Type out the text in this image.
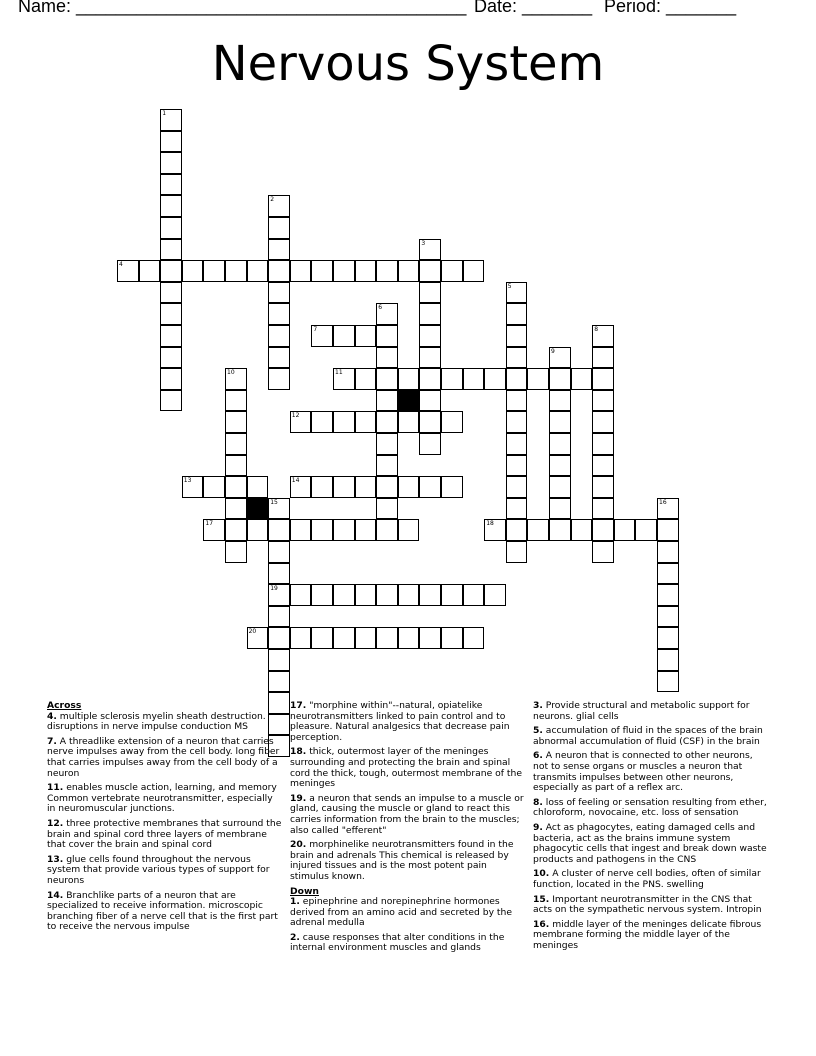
Name: _______________________________________ Date: _______ Period: _______
Nervous System
1
2
3
5
6
8
9
10
16
15
19
4
7
11
12
13	14
17	18
20
Across
4. multiple sclerosis myelin sheath destruction. disruptions in nerve impulse conduction MS
7. A threadlike extension of a neuron that carries nerve impulses away from the cell body. long fiber that carries impulses away from the cell body of a neuron
11. enables muscle action, learning, and memory Common vertebrate neurotransmitter, especially in neuromuscular junctions.
12. three protective membranes that surround the brain and spinal cord three layers of membrane that cover the brain and spinal cord
13. glue cells found throughout the nervous system that provide various types of support for neurons
14. Branchlike parts of a neuron that are specialized to receive information. microscopic branching fiber of a nerve cell that is the first part to receive the nervous impulse
17. "morphine within"--natural, opiatelike neurotransmitters linked to pain control and to pleasure. Natural analgesics that decrease pain perception.
18. thick, outermost layer of the meninges surrounding and protecting the brain and spinal cord the thick, tough, outermost membrane of the meninges
19. a neuron that sends an impulse to a muscle or gland, causing the muscle or gland to react this carries information from the brain to the muscles; also called "efferent"
20. morphinelike neurotransmitters found in the brain and adrenals This chemical is released by injured tissues and is the most potent pain stimulus known.
Down
1. epinephrine and norepinephrine hormones derived from an amino acid and secreted by the adrenal medulla
2. cause responses that alter conditions in the internal environment muscles and glands
3. Provide structural and metabolic support for neurons. glial cells
5. accumulation of fluid in the spaces of the brain abnormal accumulation of fluid (CSF) in the brain
6. A neuron that is connected to other neurons, not to sense organs or muscles a neuron that transmits impulses between other neurons, especially as part of a reflex arc.
8. loss of feeling or sensation resulting from ether, chloroform, novocaine, etc. loss of sensation
9. Act as phagocytes, eating damaged cells and bacteria, act as the brains immune system phagocytic cells that ingest and break down waste products and pathogens in the CNS
10. A cluster of nerve cell bodies, often of similar function, located in the PNS. swelling
15. Important neurotransmitter in the CNS that acts on the sympathetic nervous system. Intropin
16. middle layer of the meninges delicate fibrous membrane forming the middle layer of the meninges
